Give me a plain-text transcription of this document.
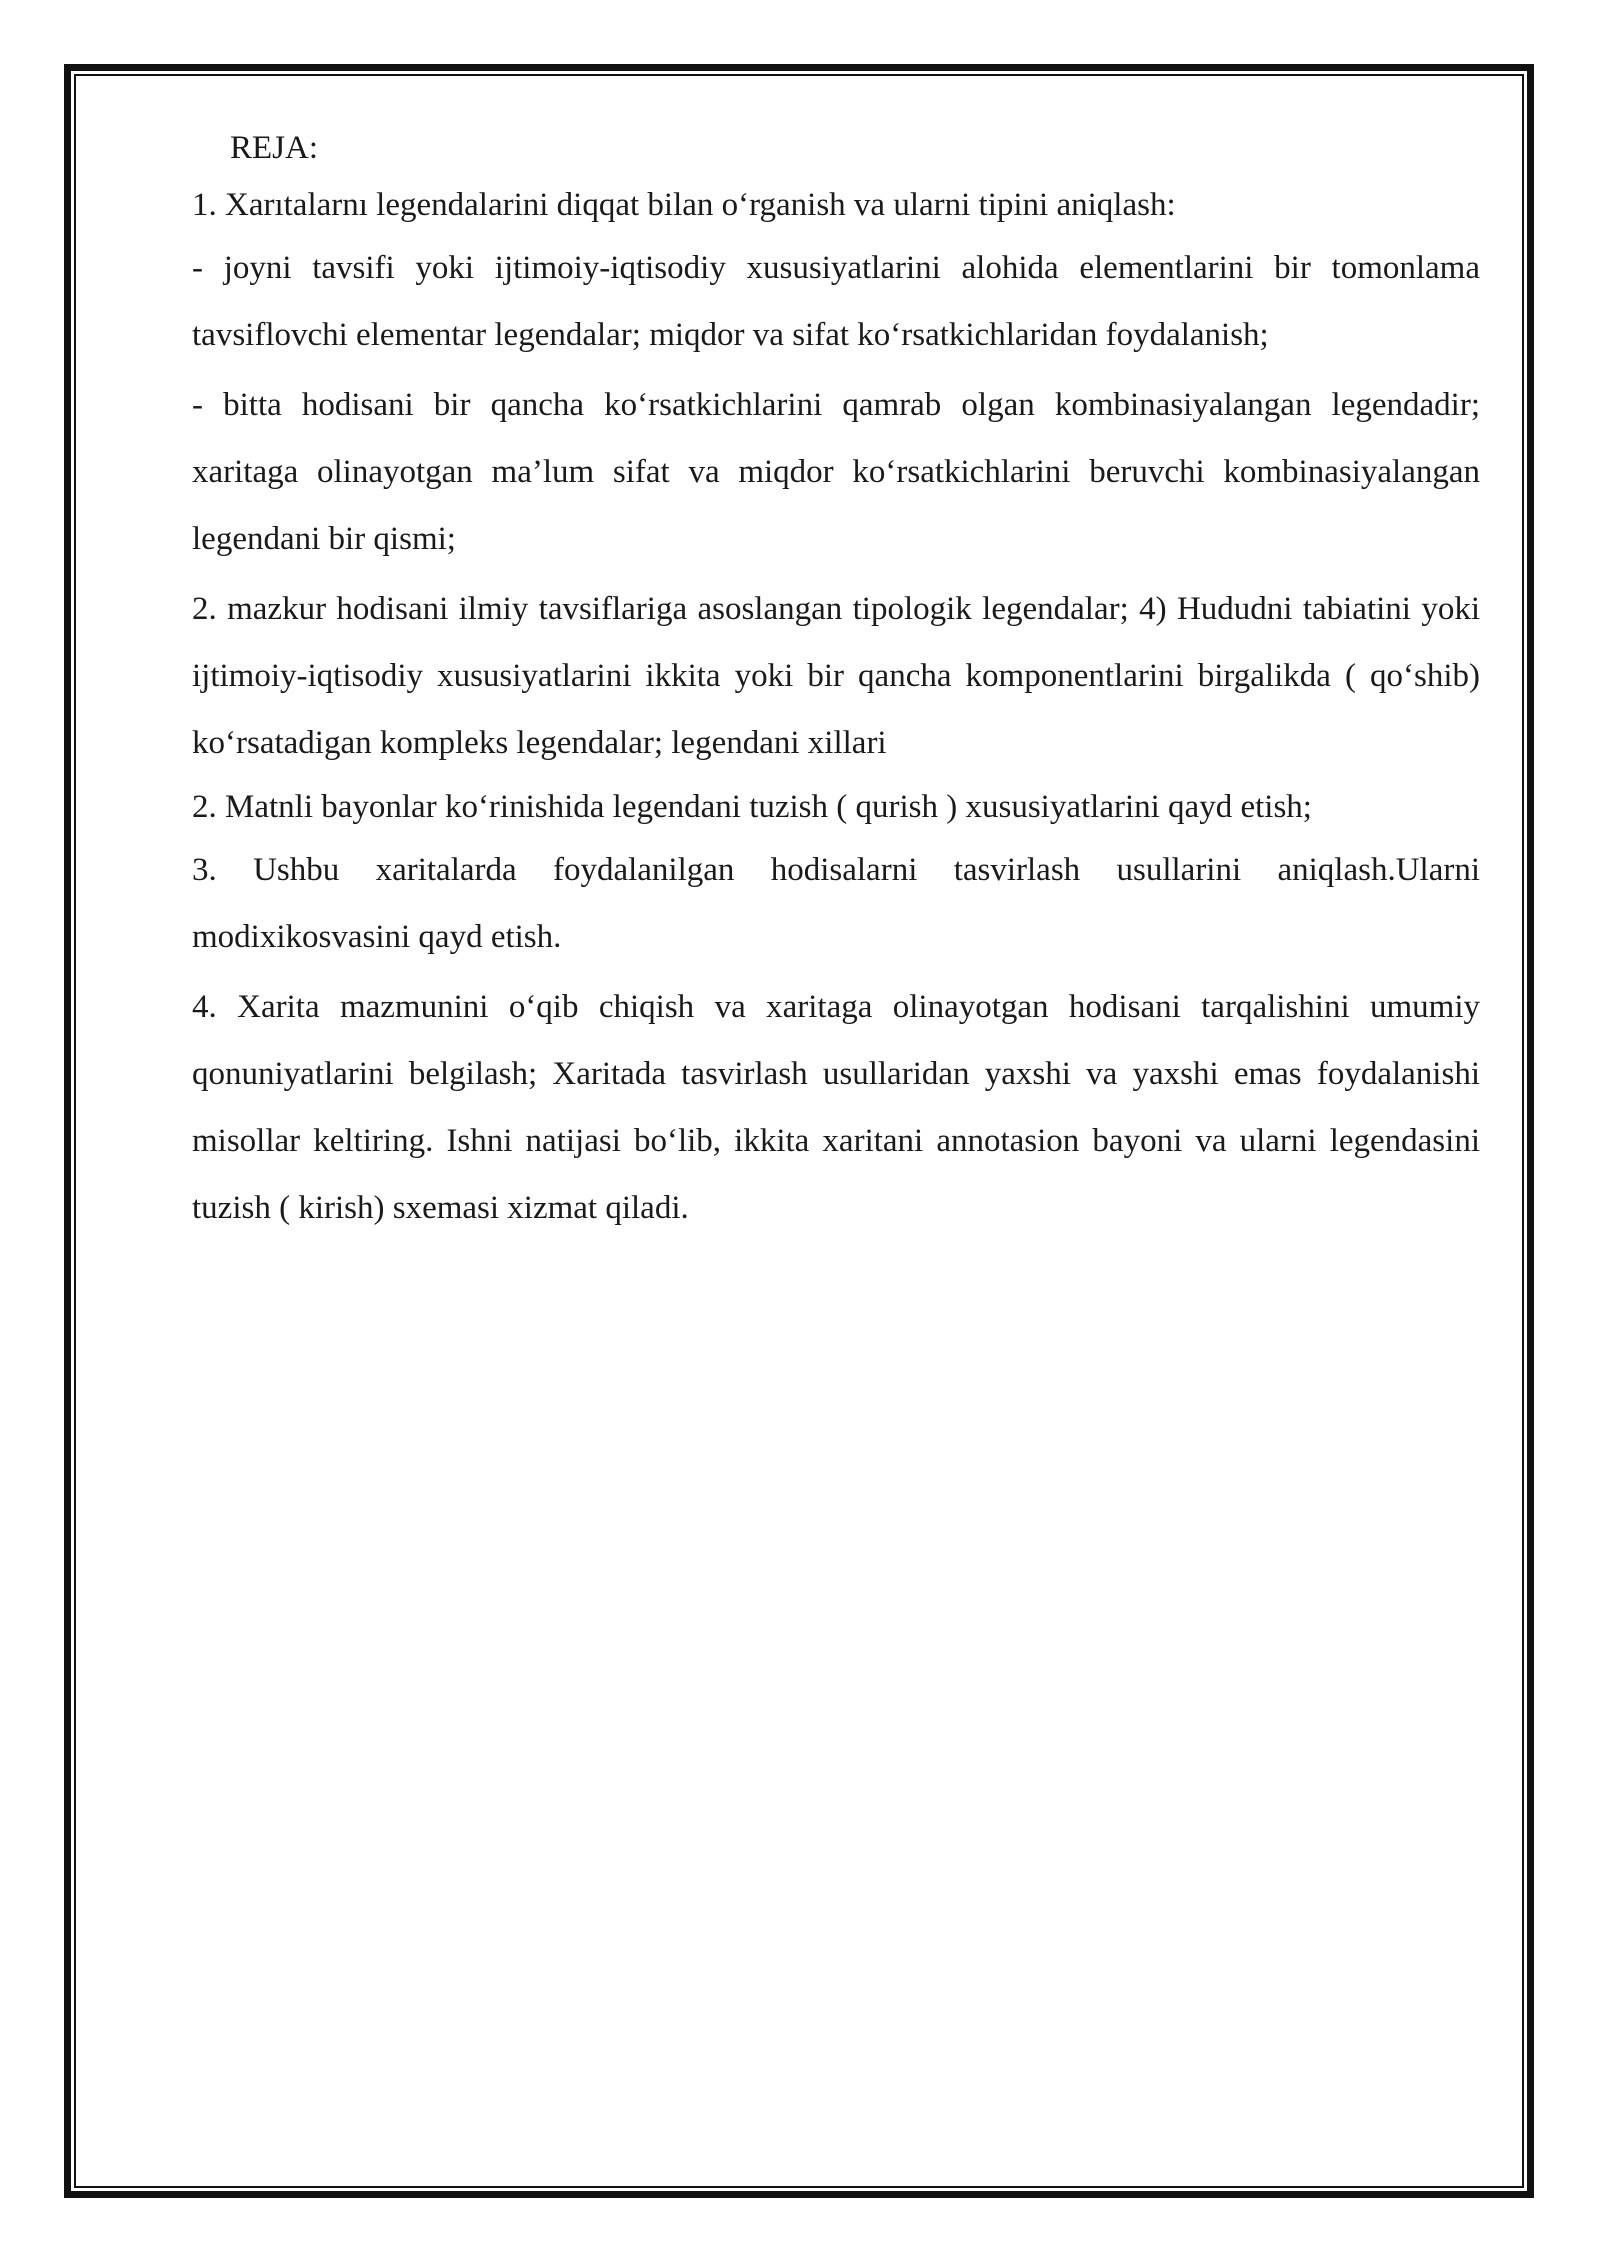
REJA:

1. Xarıtalarnı legendalarini diqqat bilan o‘rganish va ularni tipini aniqlash:

- joyni tavsifi yoki ijtimoiy-iqtisodiy xususiyatlarini alohida elementlarini bir tomonlama tavsiflovchi elementar legendalar; miqdor va sifat ko‘rsatkichlaridan foydalanish;

- bitta hodisani bir qancha ko‘rsatkichlarini qamrab olgan kombinasiyalangan legendadir; xaritaga olinayotgan ma’lum sifat va miqdor ko‘rsatkichlarini beruvchi kombinasiyalangan legendani bir qismi;

2. mazkur hodisani ilmiy tavsiflariga asoslangan tipologik legendalar; 4) Hududni tabiatini yoki ijtimoiy-iqtisodiy xususiyatlarini ikkita yoki bir qancha komponentlarini birgalikda ( qo‘shib) ko‘rsatadigan kompleks legendalar; legendani xillari

2. Matnli bayonlar ko‘rinishida legendani tuzish ( qurish ) xususiyatlarini qayd etish;

3. Ushbu xaritalarda foydalanilgan hodisalarni tasvirlash usullarini aniqlash.Ularni modixikosvasini qayd etish.

4. Xarita mazmunini o‘qib chiqish va xaritaga olinayotgan hodisani tarqalishini umumiy qonuniyatlarini belgilash; Xaritada tasvirlash usullaridan yaxshi va yaxshi emas foydalanishi misollar keltiring. Ishni natijasi bo‘lib, ikkita xaritani annotasion bayoni va ularni legendasini tuzish ( kirish) sxemasi xizmat qiladi.
